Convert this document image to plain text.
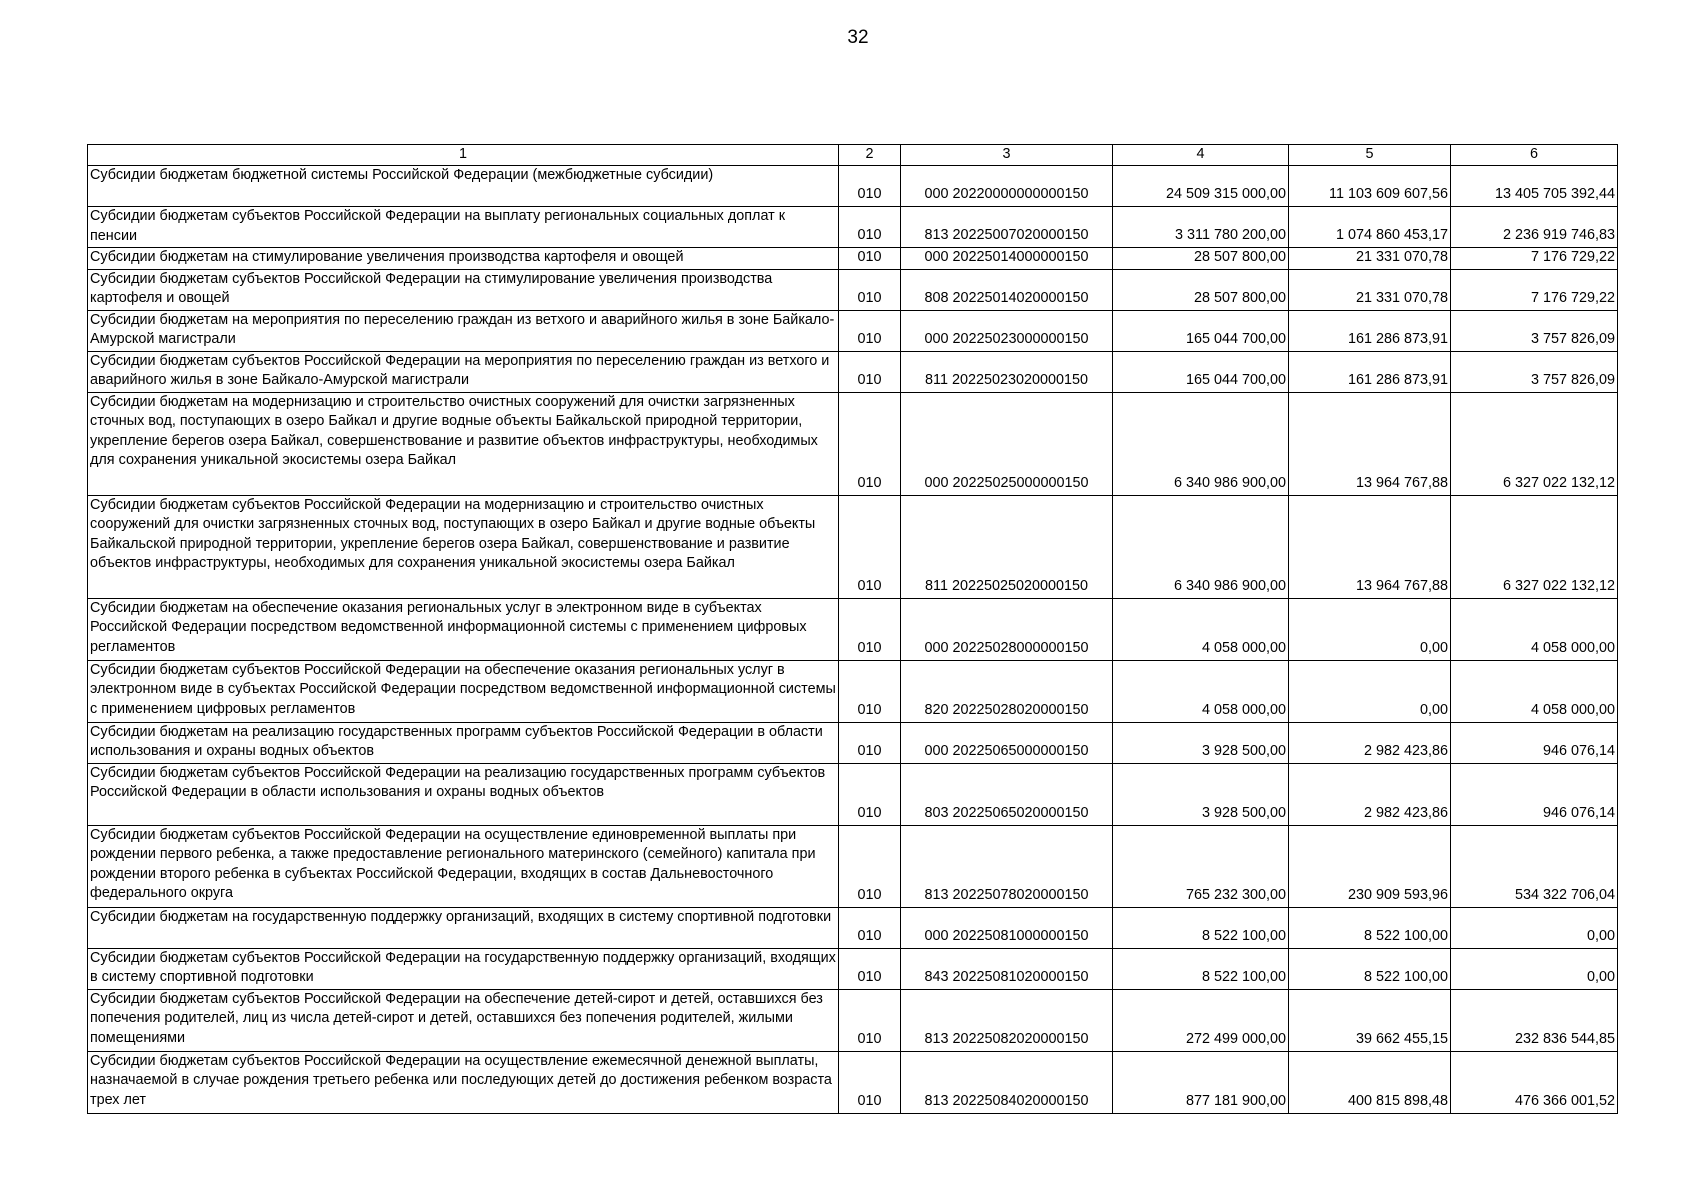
32
1	2	3	4	5	6
Субсидии бюджетам бюджетной системы Российской Федерации (межбюджетные субсидии)	010	000 20220000000000150	24 509 315 000,00	11 103 609 607,56	13 405 705 392,44

Субсидии бюджетам субъектов Российской Федерации на выплату региональных социальных доплат к пенсии	010	813 20225007020000150	3 311 780 200,00	1 074 860 453,17	2 236 919 746,83

Субсидии бюджетам на стимулирование увеличения производства картофеля и овощей	010	000 20225014000000150	28 507 800,00	21 331 070,78	7 176 729,22

Субсидии бюджетам субъектов Российской Федерации на стимулирование увеличения производства картофеля и овощей	010	808 20225014020000150	28 507 800,00	21 331 070,78	7 176 729,22

Субсидии бюджетам на мероприятия по переселению граждан из ветхого и аварийного жилья в зоне Байкало-Амурской магистрали	010	000 20225023000000150	165 044 700,00	161 286 873,91	3 757 826,09

Субсидии бюджетам субъектов Российской Федерации на мероприятия по переселению граждан из ветхого и аварийного жилья в зоне Байкало-Амурской магистрали	010	811 20225023020000150	165 044 700,00	161 286 873,91	3 757 826,09

Субсидии бюджетам на модернизацию и строительство очистных сооружений для очистки загрязненных сточных вод, поступающих в озеро Байкал и другие водные объекты Байкальской природной территории, укрепление берегов озера Байкал, совершенствование и развитие объектов инфраструктуры, необходимых для сохранения уникальной экосистемы озера Байкал	010	000 20225025000000150	6 340 986 900,00	13 964 767,88	6 327 022 132,12

Субсидии бюджетам субъектов Российской Федерации на модернизацию и строительство очистных сооружений для очистки загрязненных сточных вод, поступающих в озеро Байкал и другие водные объекты Байкальской природной территории, укрепление берегов озера Байкал, совершенствование и развитие объектов инфраструктуры, необходимых для сохранения уникальной экосистемы озера Байкал	010	811 20225025020000150	6 340 986 900,00	13 964 767,88	6 327 022 132,12

Субсидии бюджетам на обеспечение оказания региональных услуг в электронном виде в субъектах Российской Федерации посредством ведомственной информационной системы с применением цифровых регламентов	010	000 20225028000000150	4 058 000,00	0,00	4 058 000,00

Субсидии бюджетам субъектов Российской Федерации на обеспечение оказания региональных услуг в электронном виде в субъектах Российской Федерации посредством ведомственной информационной системы с применением цифровых регламентов	010	820 20225028020000150	4 058 000,00	0,00	4 058 000,00

Субсидии бюджетам на реализацию государственных программ субъектов Российской Федерации в области использования и охраны водных объектов	010	000 20225065000000150	3 928 500,00	2 982 423,86	946 076,14

Субсидии бюджетам субъектов Российской Федерации на реализацию государственных программ субъектов Российской Федерации в области использования и охраны водных объектов	010	803 20225065020000150	3 928 500,00	2 982 423,86	946 076,14

Субсидии бюджетам субъектов Российской Федерации на осуществление единовременной выплаты при рождении первого ребенка, а также предоставление регионального материнского (семейного) капитала при рождении второго ребенка в субъектах Российской Федерации, входящих в состав Дальневосточного федерального округа	010	813 20225078020000150	765 232 300,00	230 909 593,96	534 322 706,04

Субсидии бюджетам на государственную поддержку организаций, входящих в систему спортивной подготовки	010	000 20225081000000150	8 522 100,00	8 522 100,00	0,00

Субсидии бюджетам субъектов Российской Федерации на государственную поддержку организаций, входящих в систему спортивной подготовки	010	843 20225081020000150	8 522 100,00	8 522 100,00	0,00

Субсидии бюджетам субъектов Российской Федерации на обеспечение детей-сирот и детей, оставшихся без попечения родителей, лиц из числа детей-сирот и детей, оставшихся без попечения родителей, жилыми помещениями	010	813 20225082020000150	272 499 000,00	39 662 455,15	232 836 544,85

Субсидии бюджетам субъектов Российской Федерации на осуществление ежемесячной денежной выплаты, назначаемой в случае рождения третьего ребенка или последующих детей до достижения ребенком возраста трех лет	010	813 20225084020000150	877 181 900,00	400 815 898,48	476 366 001,52
